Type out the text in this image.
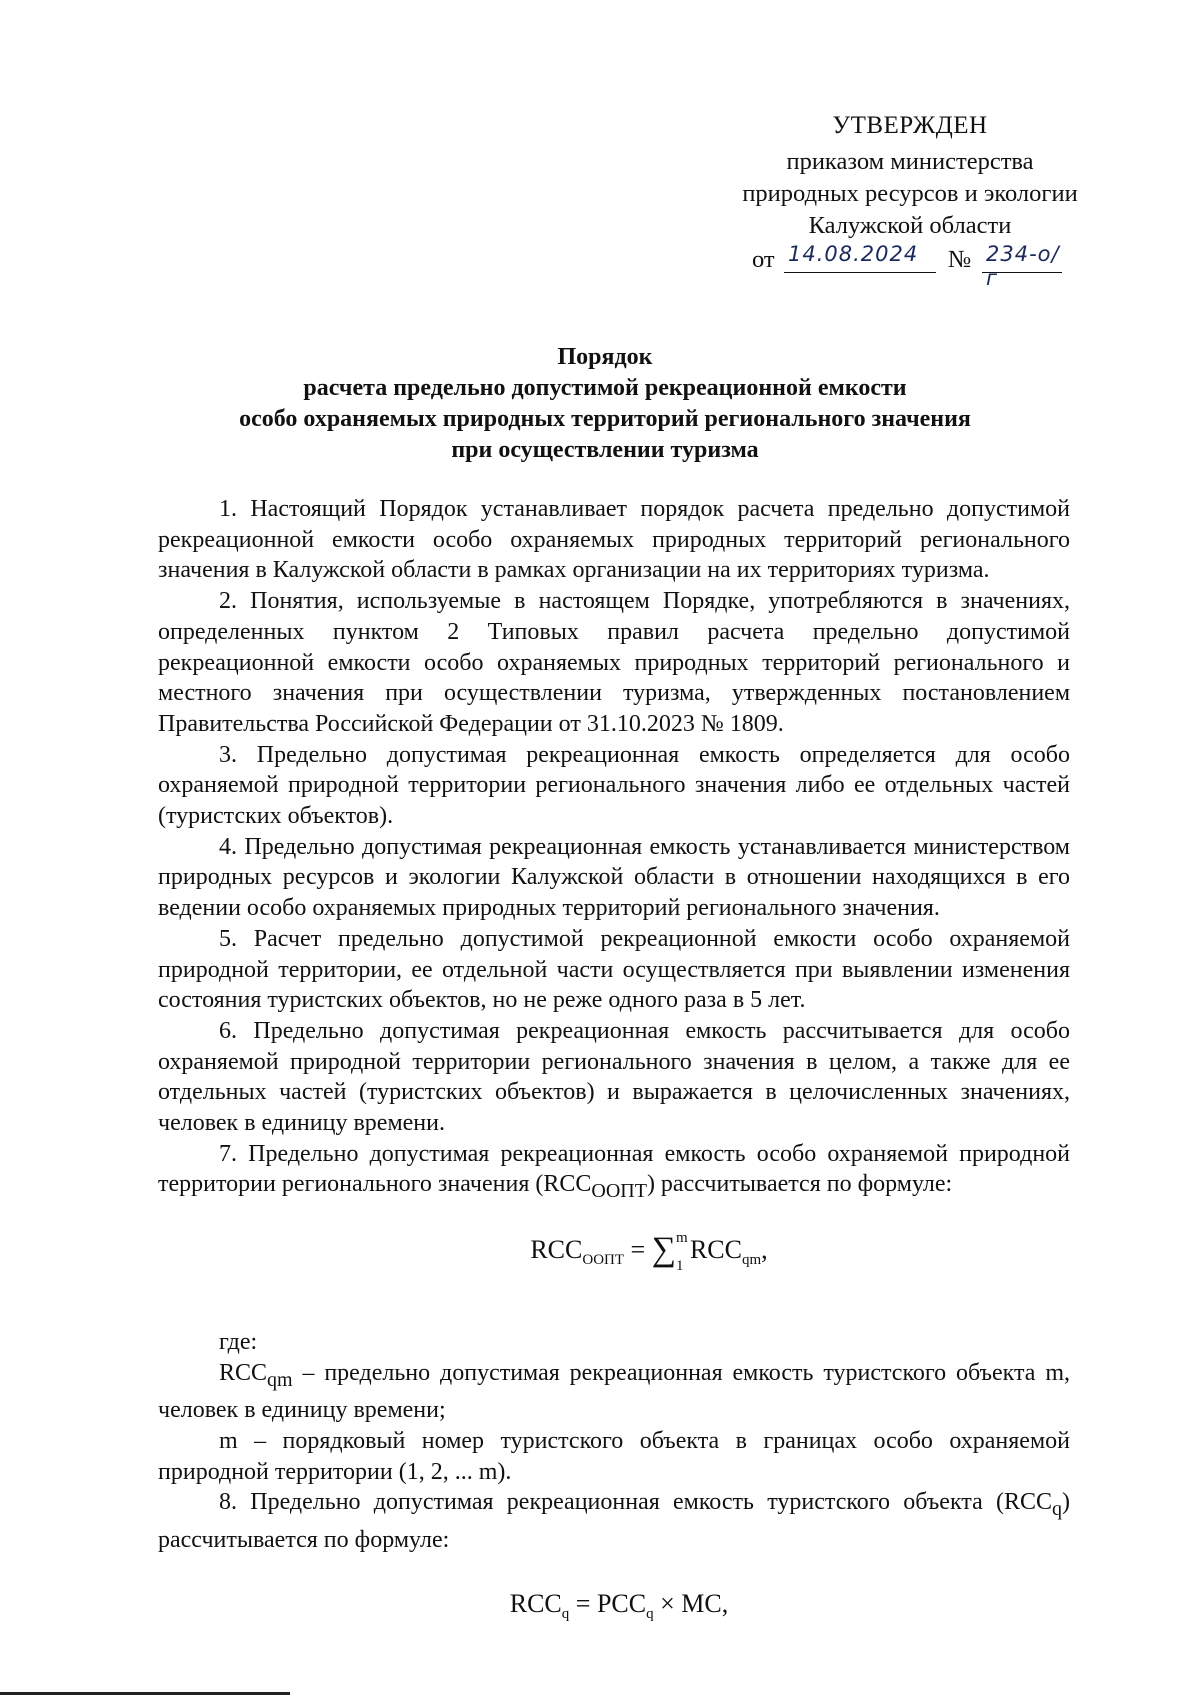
УТВЕРЖДЕН
приказом министерства
природных ресурсов и экологии
Калужской области
от 14.08.2024 № 234-о/г
Порядок
расчета предельно допустимой рекреационной емкости
особо охраняемых природных территорий регионального значения
при осуществлении туризма

1. Настоящий Порядок устанавливает порядок расчета предельно допустимой рекреационной емкости особо охраняемых природных территорий регионального значения в Калужской области в рамках организации на их территориях туризма.

2. Понятия, используемые в настоящем Порядке, употребляются в значениях, определенных пунктом 2 Типовых правил расчета предельно допустимой рекреационной емкости особо охраняемых природных территорий регионального и местного значения при осуществлении туризма, утвержденных постановлением Правительства Российской Федерации от 31.10.2023 № 1809.

3. Предельно допустимая рекреационная емкость определяется для особо охраняемой природной территории регионального значения либо ее отдельных частей (туристских объектов).

4. Предельно допустимая рекреационная емкость устанавливается министерством природных ресурсов и экологии Калужской области в отношении находящихся в его ведении особо охраняемых природных территорий регионального значения.

5. Расчет предельно допустимой рекреационной емкости особо охраняемой природной территории, ее отдельной части осуществляется при выявлении изменения состояния туристских объектов, но не реже одного раза в 5 лет.

6. Предельно допустимая рекреационная емкость рассчитывается для особо охраняемой природной территории регионального значения в целом, а также для ее отдельных частей (туристских объектов) и выражается в целочисленных значениях, человек в единицу времени.

7. Предельно допустимая рекреационная емкость особо охраняемой природной территории регионального значения $(RCC_{ООПТ})$ рассчитывается по формуле:

$RCC_{ООПТ}$ = ∑ m
1
$RCC_{qm}$,

где:

$RCC_{qm}$ – предельно допустимая рекреационная емкость туристского объекта m, человек в единицу времени;

m – порядковый номер туристского объекта в границах особо охраняемой природной территории (1, 2, ... m).

8. Предельно допустимая рекреационная емкость туристского объекта $(RCC_q)$ рассчитывается по формуле:

$RCC_q = PCC_q$ × MC,
